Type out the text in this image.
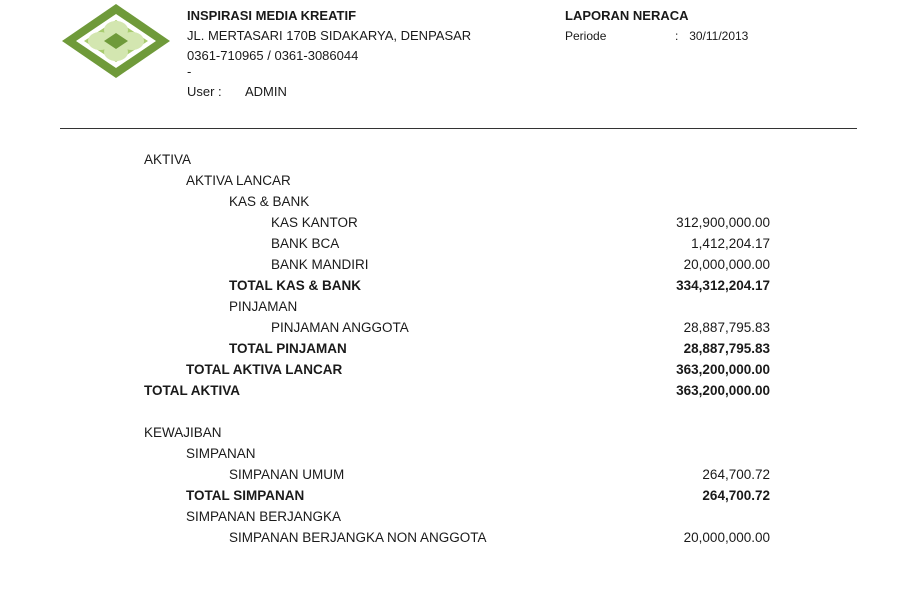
INSPIRASI MEDIA KREATIF
JL. MERTASARI 170B SIDAKARYA, DENPASAR
0361-710965 / 0361-3086044
-
User : ADMIN
LAPORAN NERACA
Periode	: 30/11/2013
AKTIVA
AKTIVA LANCAR
KAS & BANK
KAS KANTOR	312,900,000.00
BANK BCA	1,412,204.17
BANK MANDIRI	20,000,000.00
TOTAL KAS & BANK	334,312,204.17
PINJAMAN
PINJAMAN ANGGOTA	28,887,795.83
TOTAL PINJAMAN	28,887,795.83
TOTAL AKTIVA LANCAR	363,200,000.00
TOTAL AKTIVA	363,200,000.00
KEWAJIBAN
SIMPANAN
SIMPANAN UMUM	264,700.72
TOTAL SIMPANAN	264,700.72
SIMPANAN BERJANGKA
SIMPANAN BERJANGKA NON ANGGOTA	20,000,000.00
